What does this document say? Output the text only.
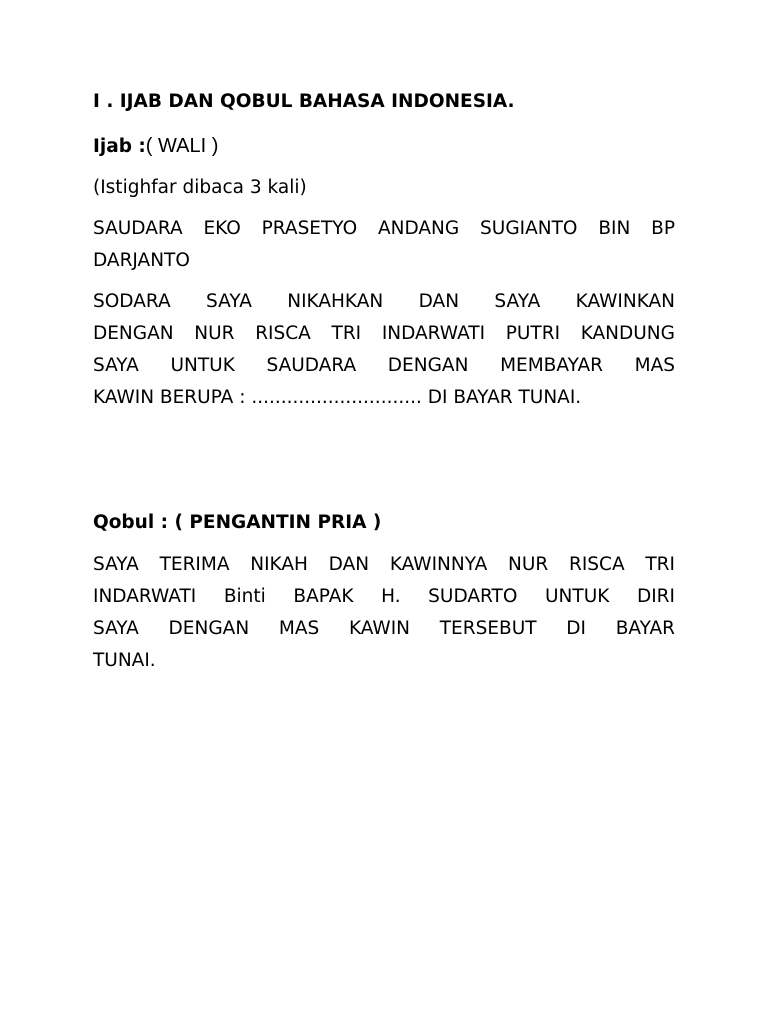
I . IJAB DAN QOBUL BAHASA INDONESIA.

Ijab :( WALI )

(Istighfar dibaca 3 kali)

SAUDARA EKO PRASETYO ANDANG SUGIANTO BIN BP
DARJANTO
SODARA SAYA NIKAHKAN DAN SAYA KAWINKAN
DENGAN NUR RISCA TRI INDARWATI PUTRI KANDUNG
SAYA UNTUK SAUDARA DENGAN MEMBAYAR MAS
KAWIN BERUPA : ............................. DI BAYAR TUNAI.

Qobul : ( PENGANTIN PRIA )

SAYA TERIMA NIKAH DAN KAWINNYA NUR RISCA TRI
INDARWATI Binti BAPAK H. SUDARTO UNTUK DIRI
SAYA DENGAN MAS KAWIN TERSEBUT DI BAYAR
TUNAI.
